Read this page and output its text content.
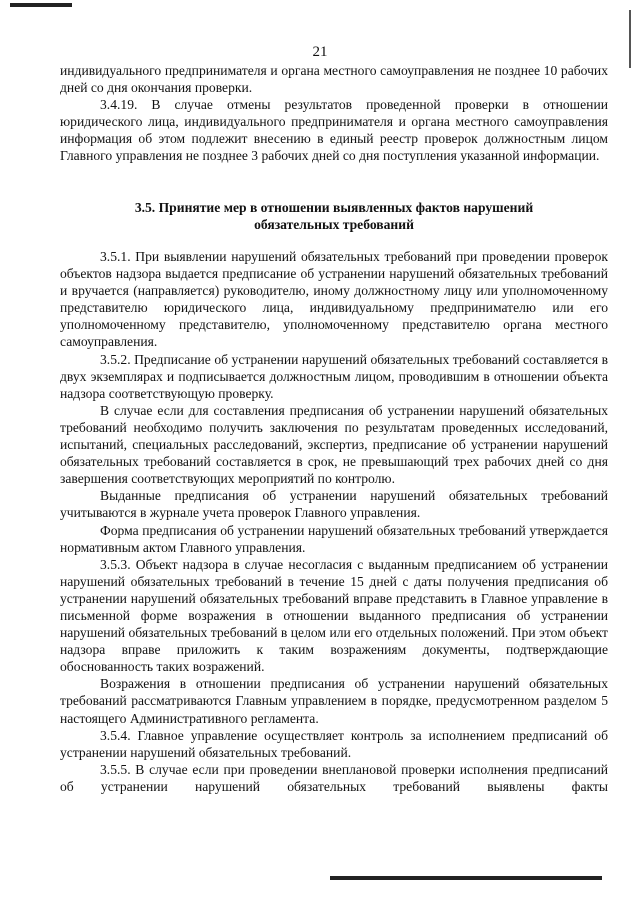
21

индивидуального предпринимателя и органа местного самоуправления не позднее 10 рабочих дней со дня окончания проверки.

3.4.19. В случае отмены результатов проведенной проверки в отношении юридического лица, индивидуального предпринимателя и органа местного самоуправления информация об этом подлежит внесению в единый реестр проверок должностным лицом Главного управления не позднее 3 рабочих дней со дня поступления указанной информации.

3.5. Принятие мер в отношении выявленных фактов нарушений

обязательных требований

3.5.1. При выявлении нарушений обязательных требований при проведении проверок объектов надзора выдается предписание об устранении нарушений обязательных требований и вручается (направляется) руководителю, иному должностному лицу или уполномоченному представителю юридического лица, индивидуальному предпринимателю или его уполномоченному представителю, уполномоченному представителю органа местного самоуправления.

3.5.2. Предписание об устранении нарушений обязательных требований составляется в двух экземплярах и подписывается должностным лицом, проводившим в отношении объекта надзора соответствующую проверку.

В случае если для составления предписания об устранении нарушений обязательных требований необходимо получить заключения по результатам проведенных исследований, испытаний, специальных расследований, экспертиз, предписание об устранении нарушений обязательных требований составляется в срок, не превышающий трех рабочих дней со дня завершения соответствующих мероприятий по контролю.

Выданные предписания об устранении нарушений обязательных требований учитываются в журнале учета проверок Главного управления.

Форма предписания об устранении нарушений обязательных требований утверждается нормативным актом Главного управления.

3.5.3. Объект надзора в случае несогласия с выданным предписанием об устранении нарушений обязательных требований в течение 15 дней с даты получения предписания об устранении нарушений обязательных требований вправе представить в Главное управление в письменной форме возражения в отношении выданного предписания об устранении нарушений обязательных требований в целом или его отдельных положений. При этом объект надзора вправе приложить к таким возражениям документы, подтверждающие обоснованность таких возражений.

Возражения в отношении предписания об устранении нарушений обязательных требований рассматриваются Главным управлением в порядке, предусмотренном разделом 5 настоящего Административного регламента.

3.5.4. Главное управление осуществляет контроль за исполнением предписаний об устранении нарушений обязательных требований.

3.5.5. В случае если при проведении внеплановой проверки исполнения предписаний об устранении нарушений обязательных требований выявлены факты
